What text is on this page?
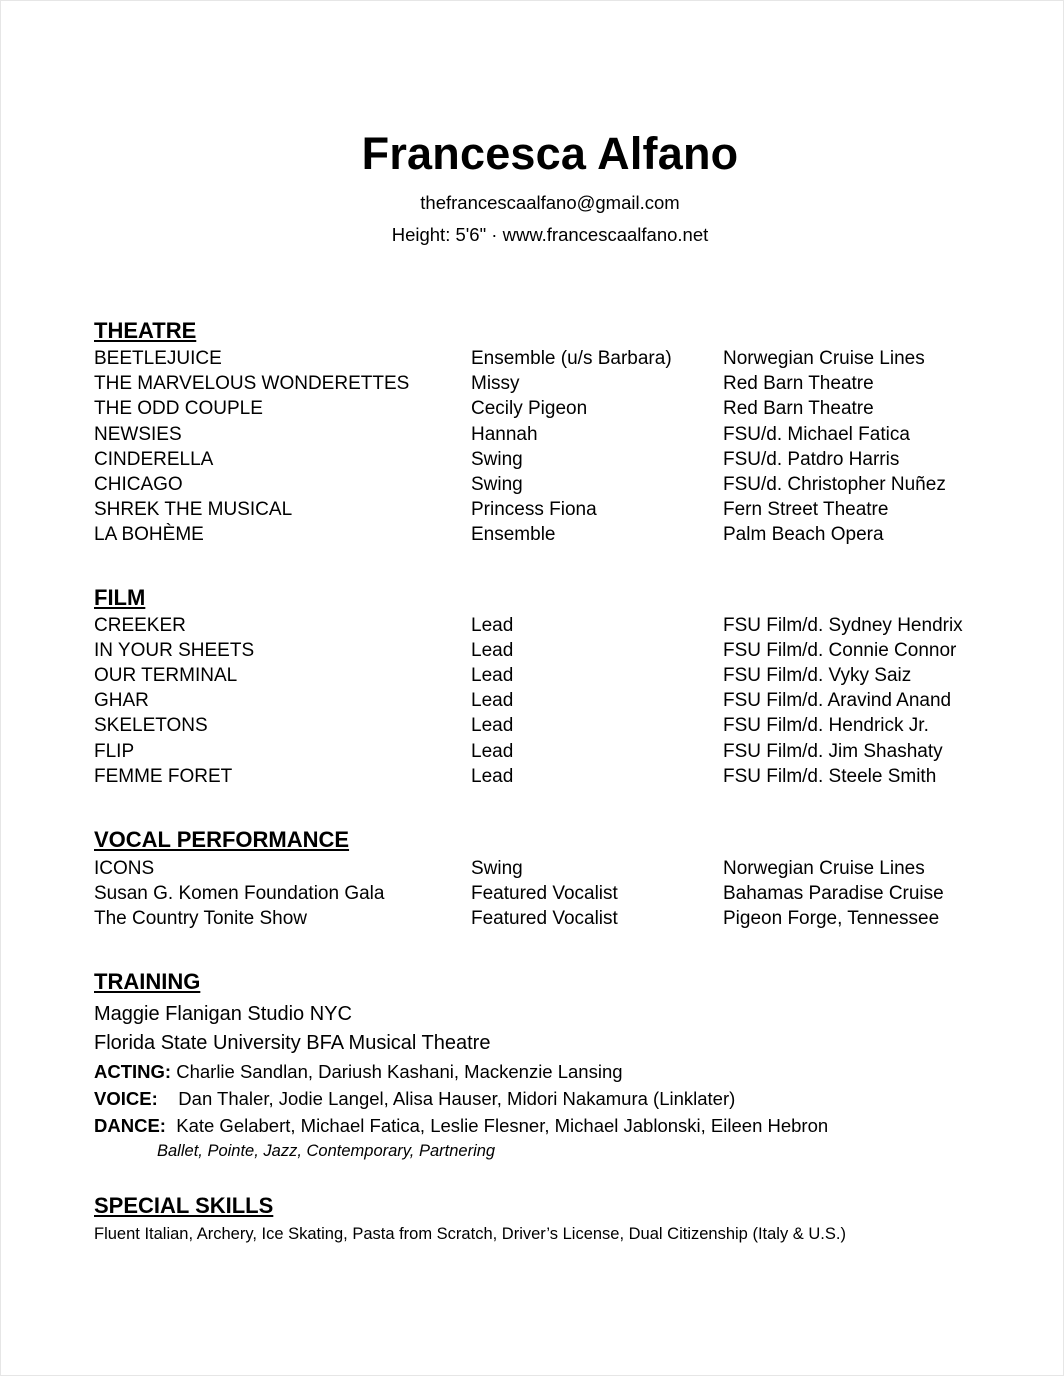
Francesca Alfano
thefrancescaalfano@gmail.com
Height: 5'6" · www.francescaalfano.net
THEATRE
BEETLEJUICE	Ensemble (u/s Barbara)	Norwegian Cruise Lines
THE MARVELOUS WONDERETTES	Missy	Red Barn Theatre
THE ODD COUPLE	Cecily Pigeon	Red Barn Theatre
NEWSIES	Hannah	FSU/d. Michael Fatica
CINDERELLA	Swing	FSU/d. Patdro Harris
CHICAGO	Swing	FSU/d. Christopher Nuñez
SHREK THE MUSICAL	Princess Fiona	Fern Street Theatre
LA BOHÈME	Ensemble	Palm Beach Opera
FILM
CREEKER	Lead	FSU Film/d. Sydney Hendrix
IN YOUR SHEETS	Lead	FSU Film/d. Connie Connor
OUR TERMINAL	Lead	FSU Film/d. Vyky Saiz
GHAR	Lead	FSU Film/d. Aravind Anand
SKELETONS	Lead	FSU Film/d. Hendrick Jr.
FLIP	Lead	FSU Film/d. Jim Shashaty
FEMME FORET	Lead	FSU Film/d. Steele Smith
VOCAL PERFORMANCE
ICONS	Swing	Norwegian Cruise Lines
Susan G. Komen Foundation Gala	Featured Vocalist	Bahamas Paradise Cruise
The Country Tonite Show	Featured Vocalist	Pigeon Forge, Tennessee
TRAINING
Maggie Flanigan Studio NYC
Florida State University BFA Musical Theatre
ACTING: Charlie Sandlan, Dariush Kashani, Mackenzie Lansing
VOICE:    Dan Thaler, Jodie Langel, Alisa Hauser, Midori Nakamura (Linklater)
DANCE:  Kate Gelabert, Michael Fatica, Leslie Flesner, Michael Jablonski, Eileen Hebron
Ballet, Pointe, Jazz, Contemporary, Partnering
SPECIAL SKILLS
Fluent Italian, Archery, Ice Skating, Pasta from Scratch, Driver’s License, Dual Citizenship (Italy & U.S.)
